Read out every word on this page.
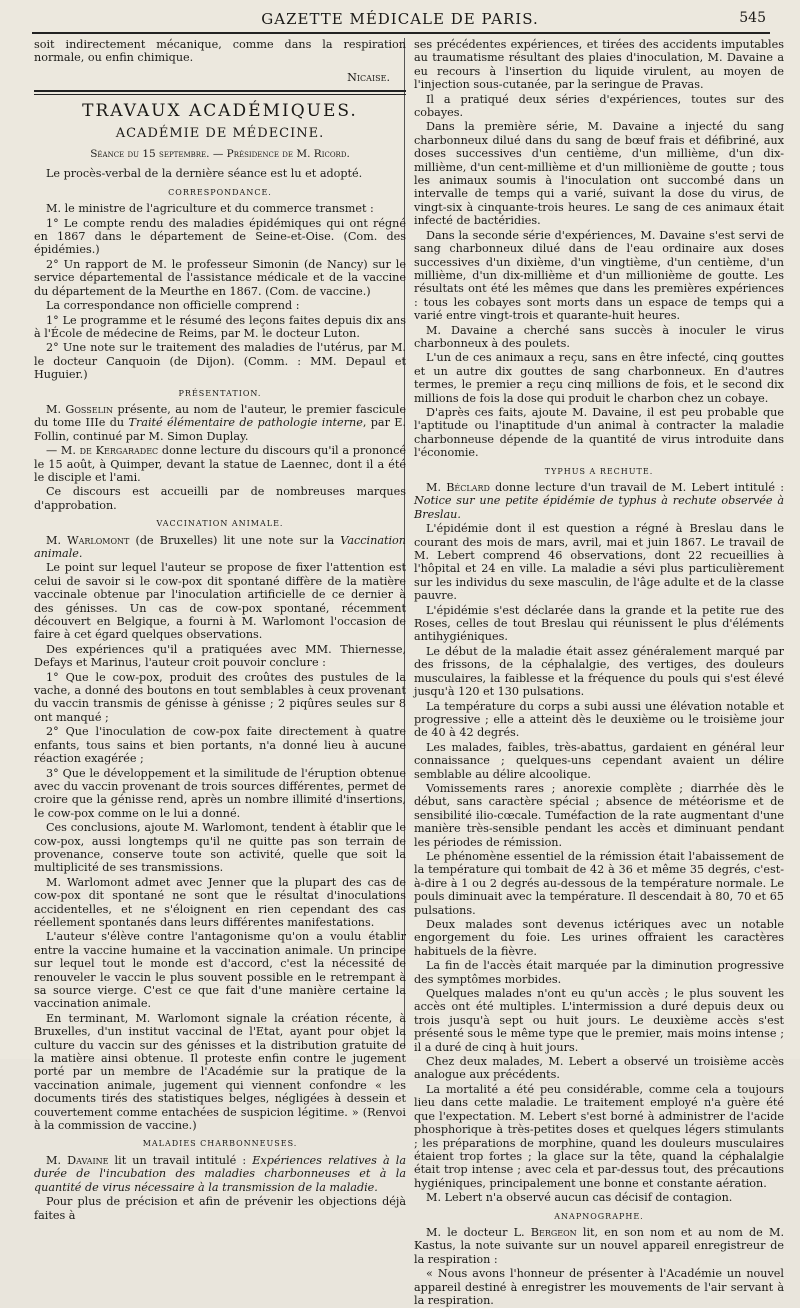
GAZETTE MÉDICALE DE PARIS.	545

soit indirectement mécanique, comme dans la respiration normale, ou enfin chimique.

Nicaise.

TRAVAUX ACADÉMIQUES.

ACADÉMIE DE MÉDECINE.

Séance du 15 septembre. — Présidence de M. Ricord.

Le procès-verbal de la dernière séance est lu et adopté.

CORRESPONDANCE.

M. le ministre de l'agriculture et du commerce transmet :

1° Le compte rendu des maladies épidémiques qui ont régné en 1867 dans le département de Seine-et-Oise. (Com. des épidémies.)

2° Un rapport de M. le professeur Simonin (de Nancy) sur le service départemental de l'assistance médicale et de la vaccine du département de la Meurthe en 1867. (Com. de vaccine.)

La correspondance non officielle comprend :

1° Le programme et le résumé des leçons faites depuis dix ans à l'École de médecine de Reims, par M. le docteur Luton.

2° Une note sur le traitement des maladies de l'utérus, par M. le docteur Canquoin (de Dijon). (Comm. : MM. Depaul et Huguier.)

PRÉSENTATION.

M. Gosselin présente, au nom de l'auteur, le premier fascicule du tome IIIe du Traité élémentaire de pathologie interne, par E. Follin, continué par M. Simon Duplay.

— M. de Kergaradec donne lecture du discours qu'il a prononcé le 15 août, à Quimper, devant la statue de Laennec, dont il a été le disciple et l'ami.

Ce discours est accueilli par de nombreuses marques d'approbation.

VACCINATION ANIMALE.

M. Warlomont (de Bruxelles) lit une note sur la Vaccination animale.

Le point sur lequel l'auteur se propose de fixer l'attention est celui de savoir si le cow-pox dit spontané diffère de la matière vaccinale obtenue par l'inoculation artificielle de ce dernier à des génisses. Un cas de cow-pox spontané, récemment découvert en Belgique, a fourni à M. Warlomont l'occasion de faire à cet égard quelques observations.

Des expériences qu'il a pratiquées avec MM. Thiernesse, Defays et Marinus, l'auteur croit pouvoir conclure :

1° Que le cow-pox, produit des croûtes des pustules de la vache, a donné des boutons en tout semblables à ceux provenant du vaccin transmis de génisse à génisse ; 2 piqûres seules sur 8 ont manqué ;

2° Que l'inoculation de cow-pox faite directement à quatre enfants, tous sains et bien portants, n'a donné lieu à aucune réaction exagérée ;

3° Que le développement et la similitude de l'éruption obtenue avec du vaccin provenant de trois sources différentes, permet de croire que la génisse rend, après un nombre illimité d'insertions, le cow-pox comme on le lui a donné.

Ces conclusions, ajoute M. Warlomont, tendent à établir que le cow-pox, aussi longtemps qu'il ne quitte pas son terrain de provenance, conserve toute son activité, quelle que soit la multiplicité de ses transmissions.

M. Warlomont admet avec Jenner que la plupart des cas de cow-pox dit spontané ne sont que le résultat d'inoculations accidentelles, et ne s'éloignent en rien cependant des cas réellement spontanés dans leurs différentes manifestations.

L'auteur s'élève contre l'antagonisme qu'on a voulu établir entre la vaccine humaine et la vaccination animale. Un principe sur lequel tout le monde est d'accord, c'est la nécessité de renouveler le vaccin le plus souvent possible en le retrempant à sa source vierge. C'est ce que fait d'une manière certaine la vaccination animale.

En terminant, M. Warlomont signale la création récente, à Bruxelles, d'un institut vaccinal de l'Etat, ayant pour objet la culture du vaccin sur des génisses et la distribution gratuite de la matière ainsi obtenue. Il proteste enfin contre le jugement porté par un membre de l'Académie sur la pratique de la vaccination animale, jugement qui viennent confondre « les documents tirés des statistiques belges, négligées à dessein et couvertement comme entachées de suspicion légitime. » (Renvoi à la commission de vaccine.)

MALADIES CHARBONNEUSES.

M. Davaine lit un travail intitulé : Expériences relatives à la durée de l'incubation des maladies charbonneuses et à la quantité de virus nécessaire à la transmission de la maladie.

Pour plus de précision et afin de prévenir les objections déjà faites à

ses précédentes expériences, et tirées des accidents imputables au traumatisme résultant des plaies d'inoculation, M. Davaine a eu recours à l'insertion du liquide virulent, au moyen de l'injection sous-cutanée, par la seringue de Pravas.

Il a pratiqué deux séries d'expériences, toutes sur des cobayes.

Dans la première série, M. Davaine a injecté du sang charbonneux dilué dans du sang de bœuf frais et défibriné, aux doses successives d'un centième, d'un millième, d'un dix-millième, d'un cent-millième et d'un millionième de goutte ; tous les animaux soumis à l'inoculation ont succombé dans un intervalle de temps qui a varié, suivant la dose du virus, de vingt-six à cinquante-trois heures. Le sang de ces animaux était infecté de bactéridies.

Dans la seconde série d'expériences, M. Davaine s'est servi de sang charbonneux dilué dans de l'eau ordinaire aux doses successives d'un dixième, d'un vingtième, d'un centième, d'un millième, d'un dix-millième et d'un millionième de goutte. Les résultats ont été les mêmes que dans les premières expériences : tous les cobayes sont morts dans un espace de temps qui a varié entre vingt-trois et quarante-huit heures.

M. Davaine a cherché sans succès à inoculer le virus charbonneux à des poulets.

L'un de ces animaux a reçu, sans en être infecté, cinq gouttes et un autre dix gouttes de sang charbonneux. En d'autres termes, le premier a reçu cinq millions de fois, et le second dix millions de fois la dose qui produit le charbon chez un cobaye.

D'après ces faits, ajoute M. Davaine, il est peu probable que l'aptitude ou l'inaptitude d'un animal à contracter la maladie charbonneuse dépende de la quantité de virus introduite dans l'économie.

TYPHUS A RECHUTE.

M. Béclard donne lecture d'un travail de M. Lebert intitulé : Notice sur une petite épidémie de typhus à rechute observée à Breslau.

L'épidémie dont il est question a régné à Breslau dans le courant des mois de mars, avril, mai et juin 1867. Le travail de M. Lebert comprend 46 observations, dont 22 recueillies à l'hôpital et 24 en ville. La maladie a sévi plus particulièrement sur les individus du sexe masculin, de l'âge adulte et de la classe pauvre.

L'épidémie s'est déclarée dans la grande et la petite rue des Roses, celles de tout Breslau qui réunissent le plus d'éléments antihygiéniques.

Le début de la maladie était assez généralement marqué par des frissons, de la céphalalgie, des vertiges, des douleurs musculaires, la faiblesse et la fréquence du pouls qui s'est élevé jusqu'à 120 et 130 pulsations.

La température du corps a subi aussi une élévation notable et progressive ; elle a atteint dès le deuxième ou le troisième jour de 40 à 42 degrés.

Les malades, faibles, très-abattus, gardaient en général leur connaissance ; quelques-uns cependant avaient un délire semblable au délire alcoolique.

Vomissements rares ; anorexie complète ; diarrhée dès le début, sans caractère spécial ; absence de météorisme et de sensibilité ilio-cœcale. Tuméfaction de la rate augmentant d'une manière très-sensible pendant les accès et diminuant pendant les périodes de rémission.

Le phénomène essentiel de la rémission était l'abaissement de la température qui tombait de 42 à 36 et même 35 degrés, c'est-à-dire à 1 ou 2 degrés au-dessous de la température normale. Le pouls diminuait avec la température. Il descendait à 80, 70 et 65 pulsations.

Deux malades sont devenus ictériques avec un notable engorgement du foie. Les urines offraient les caractères habituels de la fièvre.

La fin de l'accès était marquée par la diminution progressive des symptômes morbides.

Quelques malades n'ont eu qu'un accès ; le plus souvent les accès ont été multiples. L'intermission a duré depuis deux ou trois jusqu'à sept ou huit jours. Le deuxième accès s'est présenté sous le même type que le premier, mais moins intense ; il a duré de cinq à huit jours.

Chez deux malades, M. Lebert a observé un troisième accès analogue aux précédents.

La mortalité a été peu considérable, comme cela a toujours lieu dans cette maladie. Le traitement employé n'a guère été que l'expectation. M. Lebert s'est borné à administrer de l'acide phosphorique à très-petites doses et quelques légers stimulants ; les préparations de morphine, quand les douleurs musculaires étaient trop fortes ; la glace sur la tête, quand la céphalalgie était trop intense ; avec cela et par-dessus tout, des précautions hygiéniques, principalement une bonne et constante aération.

M. Lebert n'a observé aucun cas décisif de contagion.

ANAPNOGRAPHE.

M. le docteur L. Bergeon lit, en son nom et au nom de M. Kastus, la note suivante sur un nouvel appareil enregistreur de la respiration :

« Nous avons l'honneur de présenter à l'Académie un nouvel appareil destiné à enregistrer les mouvements de l'air servant à la respiration.
